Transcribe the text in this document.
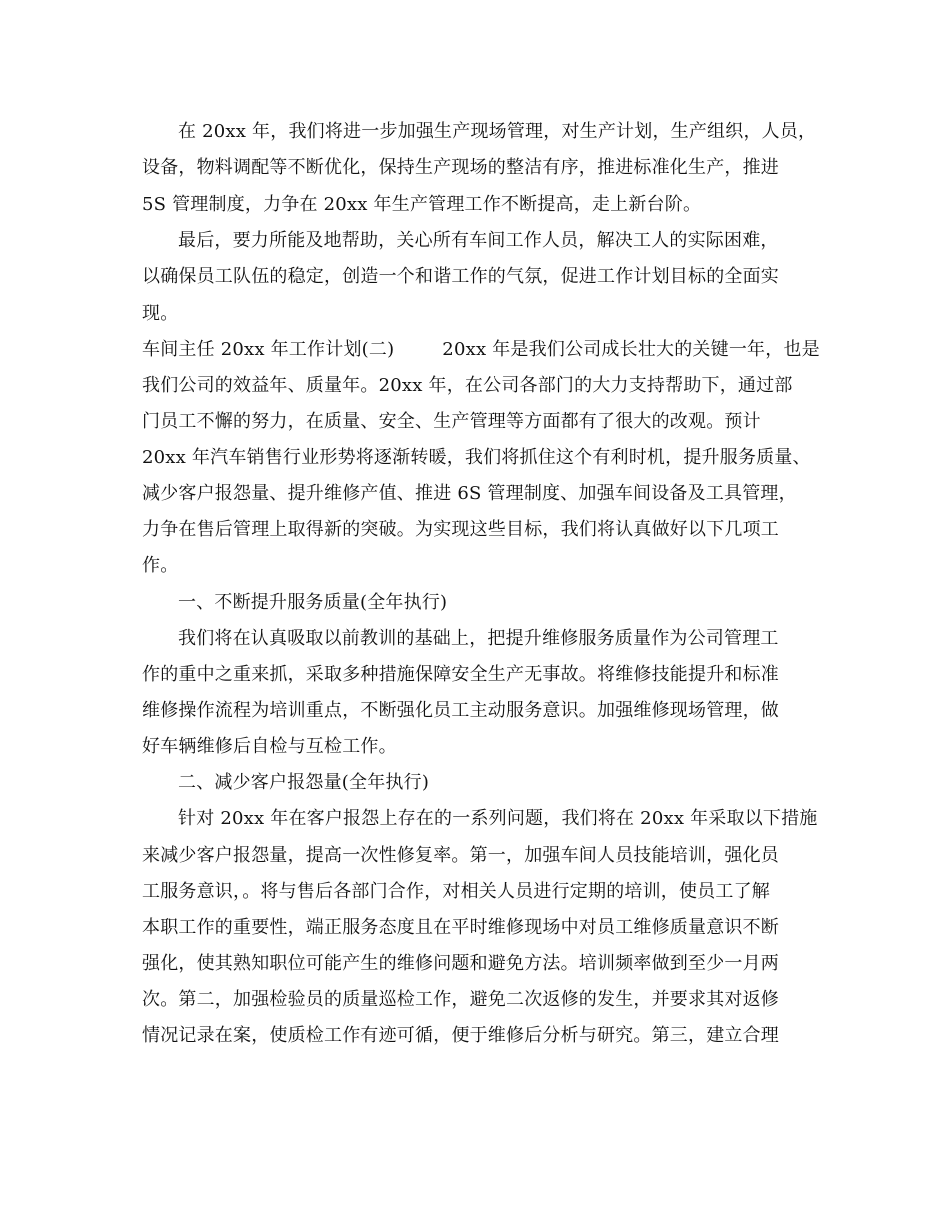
在 20xx 年，我们将进一步加强生产现场管理，对生产计划，生产组织，人员，
设备，物料调配等不断优化，保持生产现场的整洁有序，推进标准化生产，推进
5S 管理制度，力争在 20xx 年生产管理工作不断提高，走上新台阶。
最后，要力所能及地帮助，关心所有车间工作人员，解决工人的实际困难，
以确保员工队伍的稳定，创造一个和谐工作的气氛，促进工作计划目标的全面实
现。
车间主任 20xx 年工作计划(二)	20xx 年是我们公司成长壮大的关键一年，也是
我们公司的效益年、质量年。20xx 年，在公司各部门的大力支持帮助下，通过部
门员工不懈的努力，在质量、安全、生产管理等方面都有了很大的改观。预计
20xx 年汽车销售行业形势将逐渐转暖，我们将抓住这个有利时机，提升服务质量、
减少客户报怨量、提升维修产值、推进 6S 管理制度、加强车间设备及工具管理，
力争在售后管理上取得新的突破。为实现这些目标，我们将认真做好以下几项工
作。
一、不断提升服务质量(全年执行)
我们将在认真吸取以前教训的基础上，把提升维修服务质量作为公司管理工
作的重中之重来抓，采取多种措施保障安全生产无事故。将维修技能提升和标准
维修操作流程为培训重点，不断强化员工主动服务意识。加强维修现场管理，做
好车辆维修后自检与互检工作。
二、减少客户报怨量(全年执行)
针对 20xx 年在客户报怨上存在的一系列问题，我们将在 20xx 年采取以下措施
来减少客户报怨量，提高一次性修复率。第一，加强车间人员技能培训，强化员
工服务意识，。将与售后各部门合作，对相关人员进行定期的培训，使员工了解
本职工作的重要性，端正服务态度且在平时维修现场中对员工维修质量意识不断
强化，使其熟知职位可能产生的维修问题和避免方法。培训频率做到至少一月两
次。第二，加强检验员的质量巡检工作，避免二次返修的发生，并要求其对返修
情况记录在案，使质检工作有迹可循，便于维修后分析与研究。第三，建立合理
